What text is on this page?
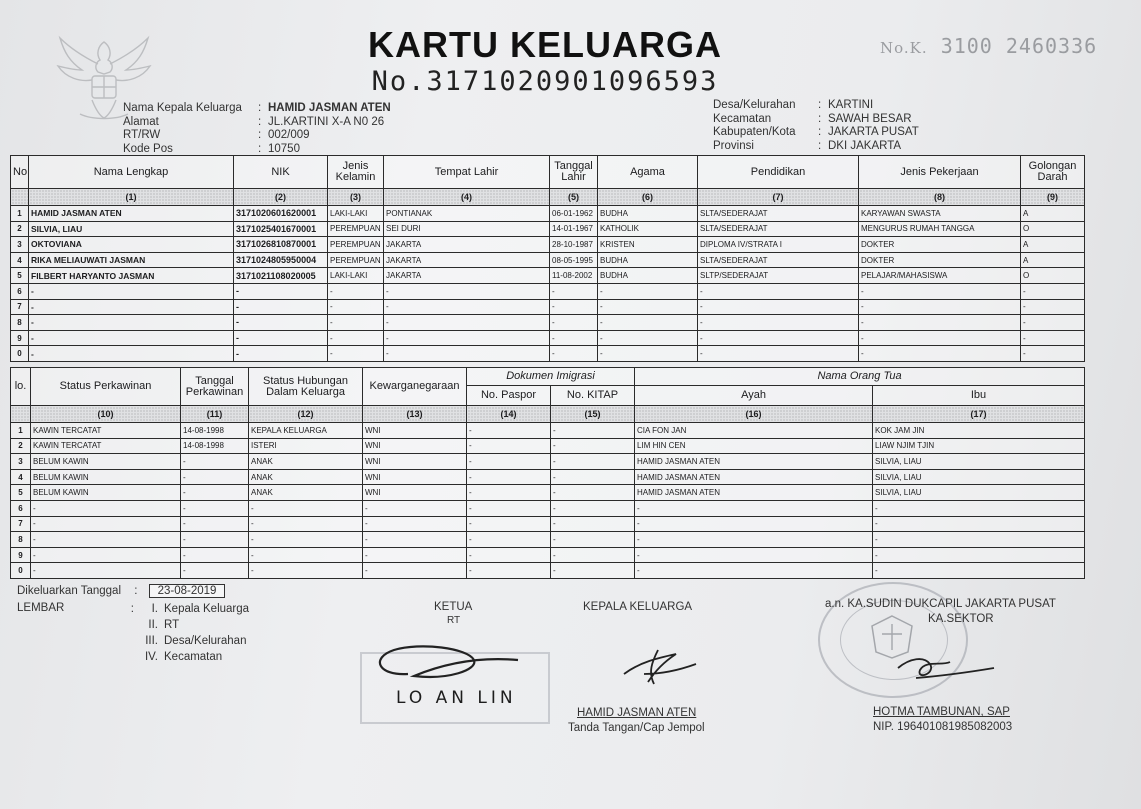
KARTU KELUARGA
No.3171020901096593
No.K. 3100 2460336
Nama Kepala Keluarga	: HAMID JASMAN ATEN
Alamat	: JL.KARTINI X-A N0 26
RT/RW	: 002/009
Kode Pos	: 10750
Desa/Kelurahan	: KARTINI
Kecamatan	: SAWAH BESAR
Kabupaten/Kota	: JAKARTA PUSAT
Provinsi	: DKI JAKARTA
No	Nama Lengkap	NIK	Jenis Kelamin	Tempat Lahir	Tanggal Lahir	Agama	Pendidikan	Jenis Pekerjaan	Golongan Darah
	(1)	(2)	(3)	(4)	(5)	(6)	(7)	(8)	(9)
1	HAMID JASMAN ATEN	3171020601620001	LAKI-LAKI	PONTIANAK	06-01-1962	BUDHA	SLTA/SEDERAJAT	KARYAWAN SWASTA	A
2	SILVIA, LIAU	3171025401670001	PEREMPUAN	SEI DURI	14-01-1967	KATHOLIK	SLTA/SEDERAJAT	MENGURUS RUMAH TANGGA	O
3	OKTOVIANA	3171026810870001	PEREMPUAN	JAKARTA	28-10-1987	KRISTEN	DIPLOMA IV/STRATA I	DOKTER	A
4	RIKA MELIAUWATI JASMAN	3171024805950004	PEREMPUAN	JAKARTA	08-05-1995	BUDHA	SLTA/SEDERAJAT	DOKTER	A
5	FILBERT HARYANTO JASMAN	3171021108020005	LAKI-LAKI	JAKARTA	11-08-2002	BUDHA	SLTP/SEDERAJAT	PELAJAR/MAHASISWA	O
6	-	-	-	-	-	-	-	-	-
7	-	-	-	-	-	-	-	-	-
8	-	-	-	-	-	-	-	-	-
9	-	-	-	-	-	-	-	-	-
0	-	-	-	-	-	-	-	-	-
lo.	Status Perkawinan	Tanggal Perkawinan	Status Hubungan Dalam Keluarga	Kewarganegaraan	Dokumen Imigrasi		Nama Orang Tua	
					No. Paspor	No. KITAP	Ayah	Ibu
	(10)	(11)	(12)	(13)	(14)	(15)	(16)	(17)
1	KAWIN TERCATAT	14-08-1998	KEPALA KELUARGA	WNI	-	-	CIA FON JAN	KOK JAM JIN
2	KAWIN TERCATAT	14-08-1998	ISTERI	WNI	-	-	LIM HIN CEN	LIAW NJIM TJIN
3	BELUM KAWIN	-	ANAK	WNI	-	-	HAMID JASMAN ATEN	SILVIA, LIAU
4	BELUM KAWIN	-	ANAK	WNI	-	-	HAMID JASMAN ATEN	SILVIA, LIAU
5	BELUM KAWIN	-	ANAK	WNI	-	-	HAMID JASMAN ATEN	SILVIA, LIAU
6	-	-	-	-	-	-	-	-
7	-	-	-	-	-	-	-	-
8	-	-	-	-	-	-	-	-
9	-	-	-	-	-	-	-	-
0	-	-	-	-	-	-	-	-
Dikeluarkan Tanggal : 23-08-2019
LEMBAR	:	I. Kepala Keluarga
II. RT
III. Desa/Kelurahan
IV. Kecamatan
KETUA
RT
LO AN LIN
KEPALA KELUARGA
HAMID JASMAN ATEN
Tanda Tangan/Cap Jempol
a.n. KA.SUDIN DUKCAPIL JAKARTA PUSAT
KA.SEKTOR
HOTMA TAMBUNAN, SAP
NIP. 196401081985082003
